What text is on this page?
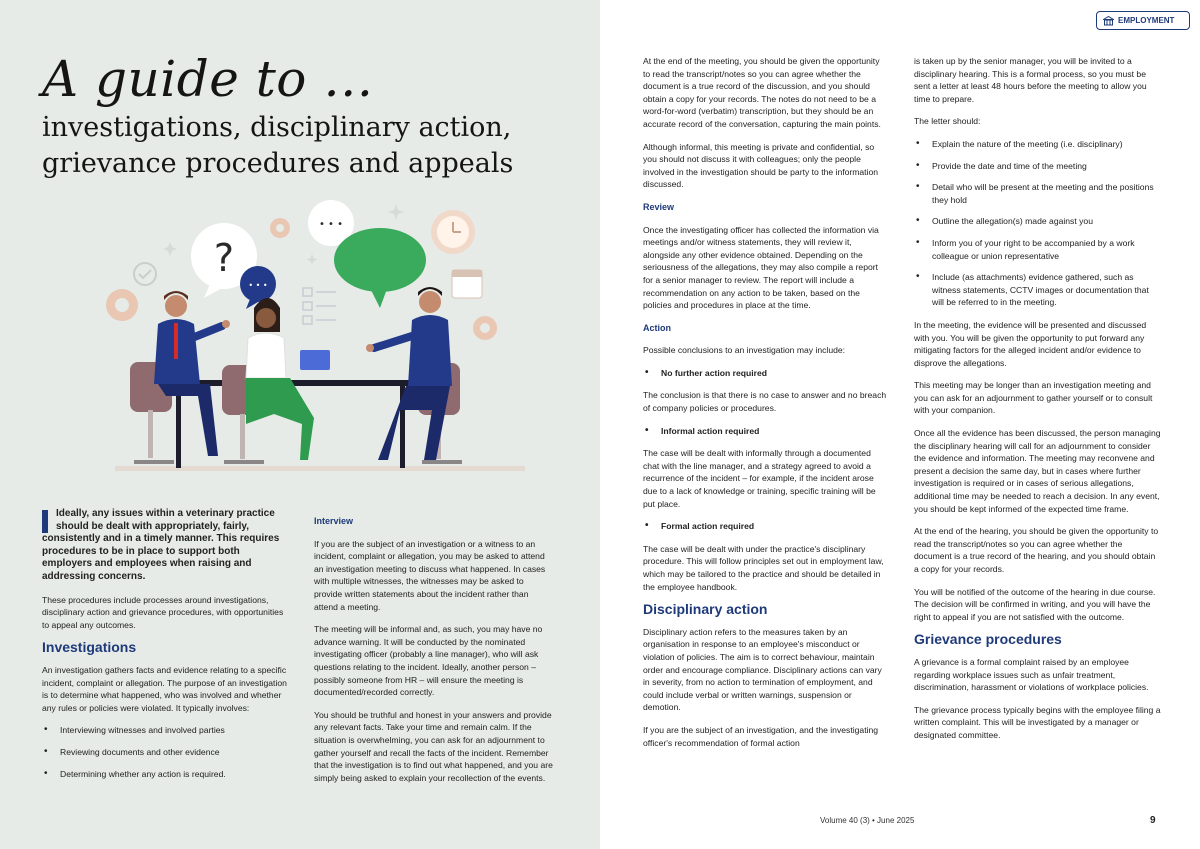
A guide to …
investigations, disciplinary action,
grievance procedures and appeals
?
• • •
• • •

Ideally, any issues within a veterinary practice should be dealt with appropriately, fairly, consistently and in a timely manner. This requires procedures to be in place to support both employers and employees when raising and addressing concerns.

These procedures include processes around investigations, disciplinary action and grievance procedures, with opportunities to appeal any outcomes.

Investigations

An investigation gathers facts and evidence relating to a specific incident, complaint or allegation. The purpose of an investigation is to determine what happened, who was involved and whether any rules or policies were violated. It typically involves:

• Interviewing witnesses and involved parties
• Reviewing documents and other evidence
• Determining whether any action is required.
Interview

If you are the subject of an investigation or a witness to an incident, complaint or allegation, you may be asked to attend an investigation meeting to discuss what happened. In cases with multiple witnesses, the witnesses may be asked to provide written statements about the incident rather than attend a meeting.

The meeting will be informal and, as such, you may have no advance warning. It will be conducted by the nominated investigating officer (probably a line manager), who will ask questions relating to the incident. Ideally, another person – possibly someone from HR – will ensure the meeting is documented/recorded correctly.

You should be truthful and honest in your answers and provide any relevant facts. Take your time and remain calm. If the situation is overwhelming, you can ask for an adjournment to gather yourself and recall the facts of the incident. Remember that the investigation is to find out what happened, and you are simply being asked to explain your recollection of the events.

EMPLOYMENT

At the end of the meeting, you should be given the opportunity to read the transcript/notes so you can agree whether the document is a true record of the discussion, and you should obtain a copy for your records. The notes do not need to be a word-for-word (verbatim) transcription, but they should be an accurate record of the conversation, capturing the main points.

Although informal, this meeting is private and confidential, so you should not discuss it with colleagues; only the people involved in the investigation should be party to the information discussed.

Review

Once the investigating officer has collected the information via meetings and/or witness statements, they will review it, alongside any other evidence obtained. Depending on the seriousness of the allegations, they may also compile a report for a senior manager to review. The report will include a recommendation on any action to be taken, based on the policies and procedures in place at the time.

Action

Possible conclusions to an investigation may include:

• No further action required

The conclusion is that there is no case to answer and no breach of company policies or procedures.

• Informal action required

The case will be dealt with informally through a documented chat with the line manager, and a strategy agreed to avoid a recurrence of the incident – for example, if the incident arose due to a lack of knowledge or training, specific training will be put place.

• Formal action required

The case will be dealt with under the practice's disciplinary procedure. This will follow principles set out in employment law, which may be tailored to the practice and should be detailed in the employee handbook.

Disciplinary action

Disciplinary action refers to the measures taken by an organisation in response to an employee's misconduct or violation of policies. The aim is to correct behaviour, maintain order and encourage compliance. Disciplinary actions can vary in severity, from no action to termination of employment, and could include verbal or written warnings, suspension or demotion.

If you are the subject of an investigation, and the investigating officer's recommendation of formal action

is taken up by the senior manager, you will be invited to a disciplinary hearing. This is a formal process, so you must be sent a letter at least 48 hours before the meeting to allow you time to prepare.

The letter should:

• Explain the nature of the meeting (i.e. disciplinary)
• Provide the date and time of the meeting
• Detail who will be present at the meeting and the positions they hold
• Outline the allegation(s) made against you
• Inform you of your right to be accompanied by a work colleague or union representative
• Include (as attachments) evidence gathered, such as witness statements, CCTV images or documentation that will be referred to in the meeting.

In the meeting, the evidence will be presented and discussed with you. You will be given the opportunity to put forward any mitigating factors for the alleged incident and/or evidence to disprove the allegations.

This meeting may be longer than an investigation meeting and you can ask for an adjournment to gather yourself or to consult with your companion.

Once all the evidence has been discussed, the person managing the disciplinary hearing will call for an adjournment to consider the evidence and information. The meeting may reconvene and present a decision the same day, but in cases where further investigation is required or in cases of serious allegations, additional time may be needed to reach a decision. In any event, you should be kept informed of the expected time frame.

At the end of the hearing, you should be given the opportunity to read the transcript/notes so you can agree whether the document is a true record of the hearing, and you should obtain a copy for your records.

You will be notified of the outcome of the hearing in due course. The decision will be confirmed in writing, and you will have the right to appeal if you are not satisfied with the outcome.

Grievance procedures

A grievance is a formal complaint raised by an employee regarding workplace issues such as unfair treatment, discrimination, harassment or violations of workplace policies.

The grievance process typically begins with the employee filing a written complaint. This will be investigated by a manager or designated committee.

Volume 40 (3) • June 2025	9
